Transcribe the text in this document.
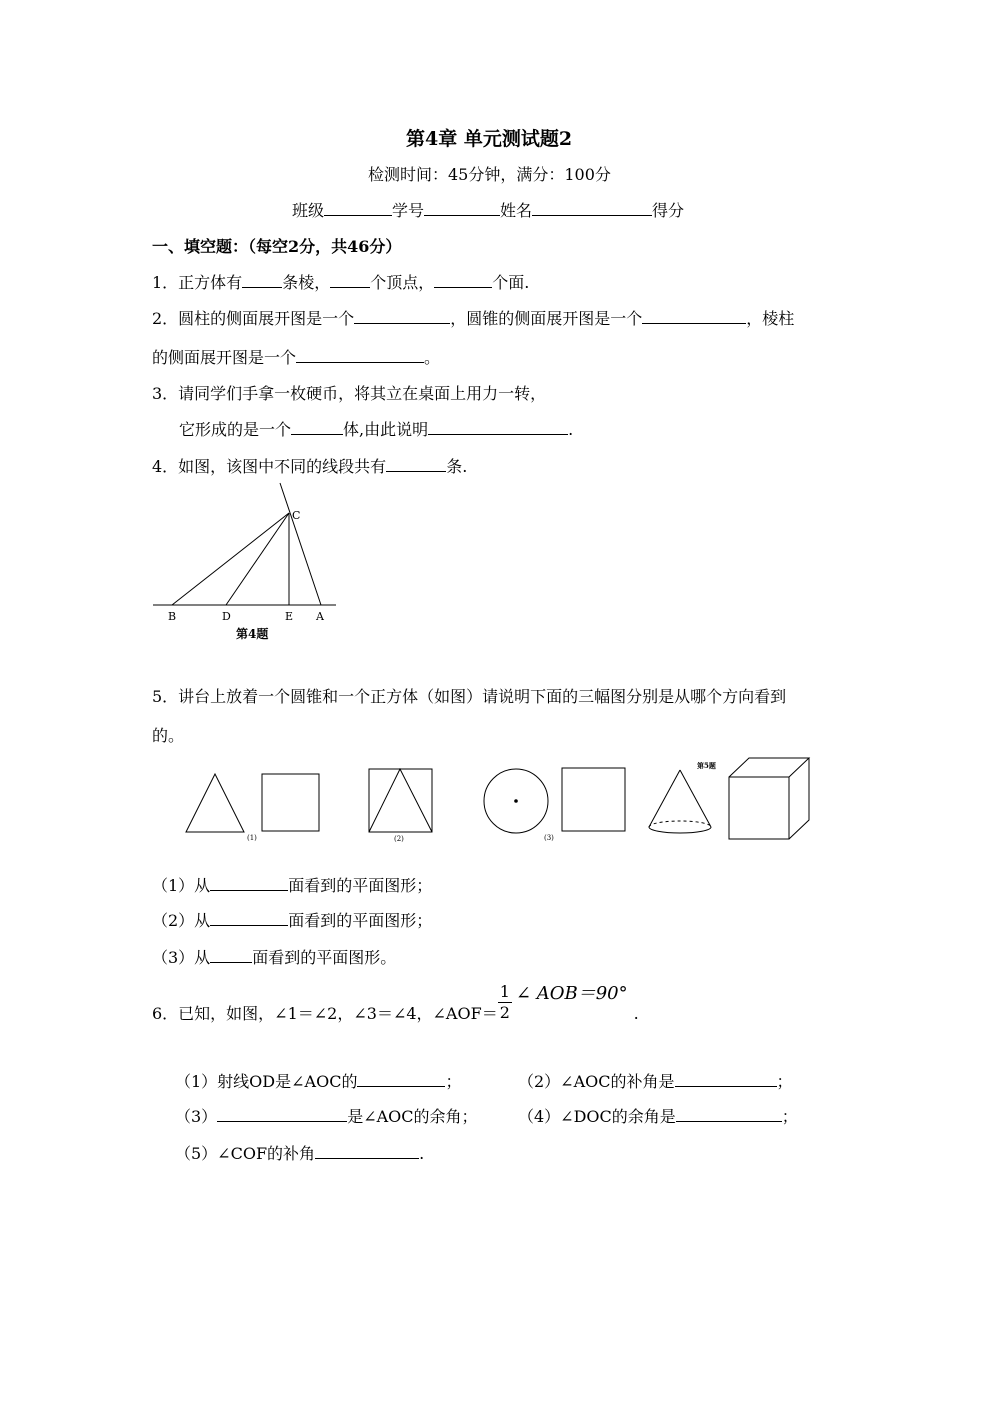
第4章 单元测试题2
检测时间：45分钟，满分：100分
班级	学号	姓名	得分
一、填空题：（每空2分，共46分）
1．正方体有	条棱，	个顶点，	个面.
2．圆柱的侧面展开图是一个	，圆锥的侧面展开图是一个	，棱柱
的侧面展开图是一个	。
3．请同学们手拿一枚硬币，将其立在桌面上用力一转，
它形成的是一个	体,由此说明	.
4．如图，该图中不同的线段共有	条.
C
B	D	E A
第4题
5．讲台上放着一个圆锥和一个正方体（如图）请说明下面的三幅图分别是从哪个方向看到
的。
(1)	(2)	(3)
第5题
（1）从	面看到的平面图形；
（2）从	面看到的平面图形；
（3）从	面看到的平面图形。
6．已知，如图，∠1＝∠2，∠3＝∠4，∠AOF＝ $\frac{1}{2}$ ∠ AOB＝90°.
（1）射线OD是∠AOC的	；	（2）∠AOC的补角是	；
（3）	是∠AOC的余角；	（4）∠DOC的余角是	；
（5）∠COF的补角	.
